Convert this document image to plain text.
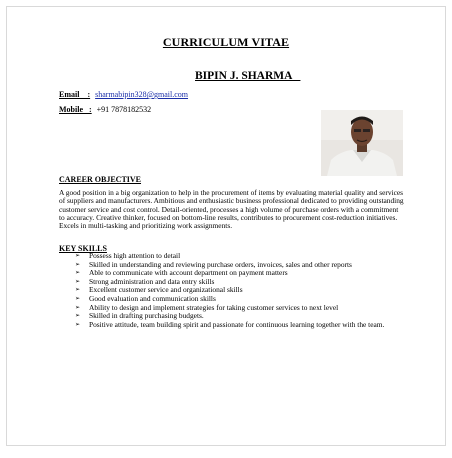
CURRICULUM VITAE
BIPIN J. SHARMA
Email    : sharmabipin328@gmail.com
Mobile   : +91 7878182532
CAREER OBJECTIVE
A good position in a big organization to help in the procurement of items by evaluating material quality and services of suppliers and manufacturers. Ambitious and enthusiastic business professional dedicated to providing outstanding customer service and cost control. Detail-oriented, processes a high volume of purchase orders with a commitment to accuracy. Creative thinker, focused on bottom-line results, contributes to procurement cost-reduction initiatives. Excels in multi-tasking and prioritizing work assignments.
KEY SKILLS
➢ Possess high attention to detail
➢ Skilled in understanding and reviewing purchase orders, invoices, sales and other reports
➢ Able to communicate with account department on payment matters
➢ Strong administration and data entry skills
➢ Excellent customer service and organizational skills
➢ Good evaluation and communication skills
➢ Ability to design and implement strategies for taking customer services to next level
➢ Skilled in drafting purchasing budgets.
➢ Positive attitude, team building spirit and passionate for continuous learning together with the team.
